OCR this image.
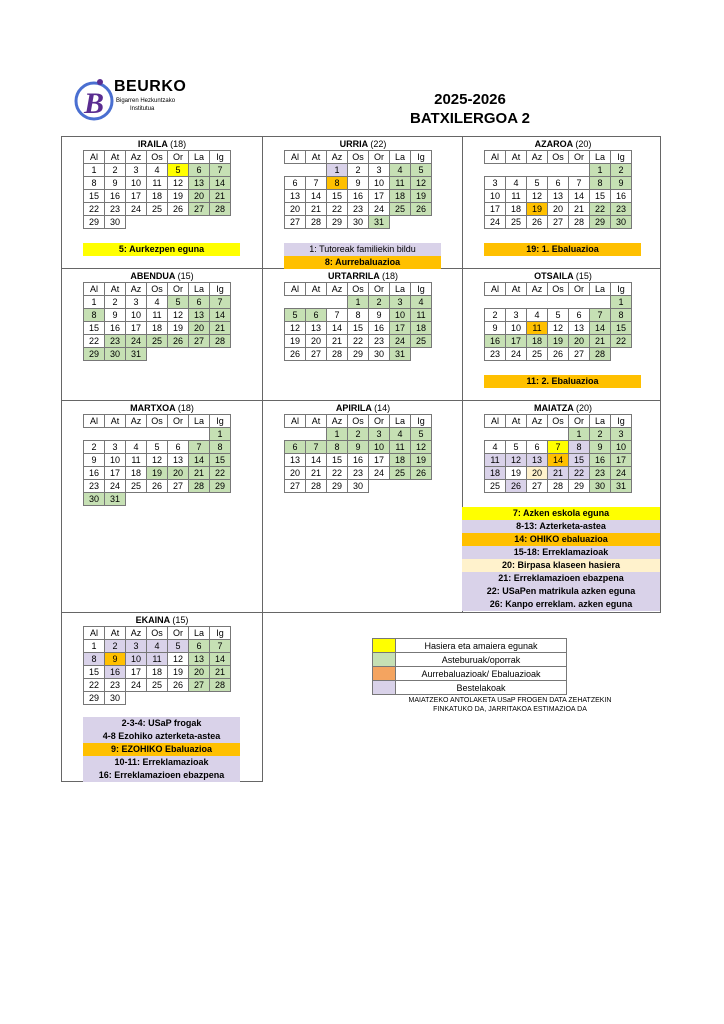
B
BEURKO
Bigarren Hezkuntzako
Institutua
2025-2026
BATXILERGOA 2
IRAILA (18)
Al	At	Az	Os	Or	La	Ig
1	2	3	4	5	6	7
8	9	10	11	12	13	14
15	16	17	18	19	20	21
22	23	24	25	26	27	28
29	30					
5: Aurkezpen eguna
URRIA (22)
Al	At	Az	Os	Or	La	Ig
		1	2	3	4	5
6	7	8	9	10	11	12
13	14	15	16	17	18	19
20	21	22	23	24	25	26
27	28	29	30	31		
1: Tutoreak familiekin bildu
8: Aurrebaluazioa
AZAROA (20)
Al	At	Az	Os	Or	La	Ig
					1	2
3	4	5	6	7	8	9
10	11	12	13	14	15	16
17	18	19	20	21	22	23
24	25	26	27	28	29	30
19: 1. Ebaluazioa
ABENDUA (15)
Al	At	Az	Os	Or	La	Ig
1	2	3	4	5	6	7
8	9	10	11	12	13	14
15	16	17	18	19	20	21
22	23	24	25	26	27	28
29	30	31				
URTARRILA (18)
Al	At	Az	Os	Or	La	Ig
			1	2	3	4
5	6	7	8	9	10	11
12	13	14	15	16	17	18
19	20	21	22	23	24	25
26	27	28	29	30	31	
OTSAILA (15)
Al	At	Az	Os	Or	La	Ig
						1
2	3	4	5	6	7	8
9	10	11	12	13	14	15
16	17	18	19	20	21	22
23	24	25	26	27	28	
11: 2. Ebaluazioa
MARTXOA (18)
Al	At	Az	Os	Or	La	Ig
						1
2	3	4	5	6	7	8
9	10	11	12	13	14	15
16	17	18	19	20	21	22
23	24	25	26	27	28	29
30	31					
APIRILA (14)
Al	At	Az	Os	Or	La	Ig
		1	2	3	4	5
6	7	8	9	10	11	12
13	14	15	16	17	18	19
20	21	22	23	24	25	26
27	28	29	30			
MAIATZA (20)
Al	At	Az	Os	Or	La	Ig
				1	2	3
4	5	6	7	8	9	10
11	12	13	14	15	16	17
18	19	20	21	22	23	24
25	26	27	28	29	30	31
7: Azken eskola eguna
8-13: Azterketa-astea
14: OHIKO ebaluazioa
15-18: Erreklamazioak
20: Birpasa klaseen hasiera
21: Erreklamazioen ebazpena
22: USaPen matrikula azken eguna
26: Kanpo erreklam. azken eguna
EKAINA (15)
Al	At	Az	Os	Or	La	Ig
1	2	3	4	5	6	7
8	9	10	11	12	13	14
15	16	17	18	19	20	21
22	23	24	25	26	27	28
29	30					
2-3-4: USaP frogak
4-8 Ezohiko azterketa-astea
9: EZOHIKO Ebaluazioa
10-11: Erreklamazioak
16: Erreklamazioen ebazpena
	Hasiera eta amaiera egunak
	Asteburuak/oporrak
	Aurrebaluazioak/ Ebaluazioak
	Bestelakoak
MAIATZEKO ANTOLAKETA USaP FROGEN DATA ZEHATZEKIN
FINKATUKO DA, JARRITAKOA ESTIMAZIOA DA
